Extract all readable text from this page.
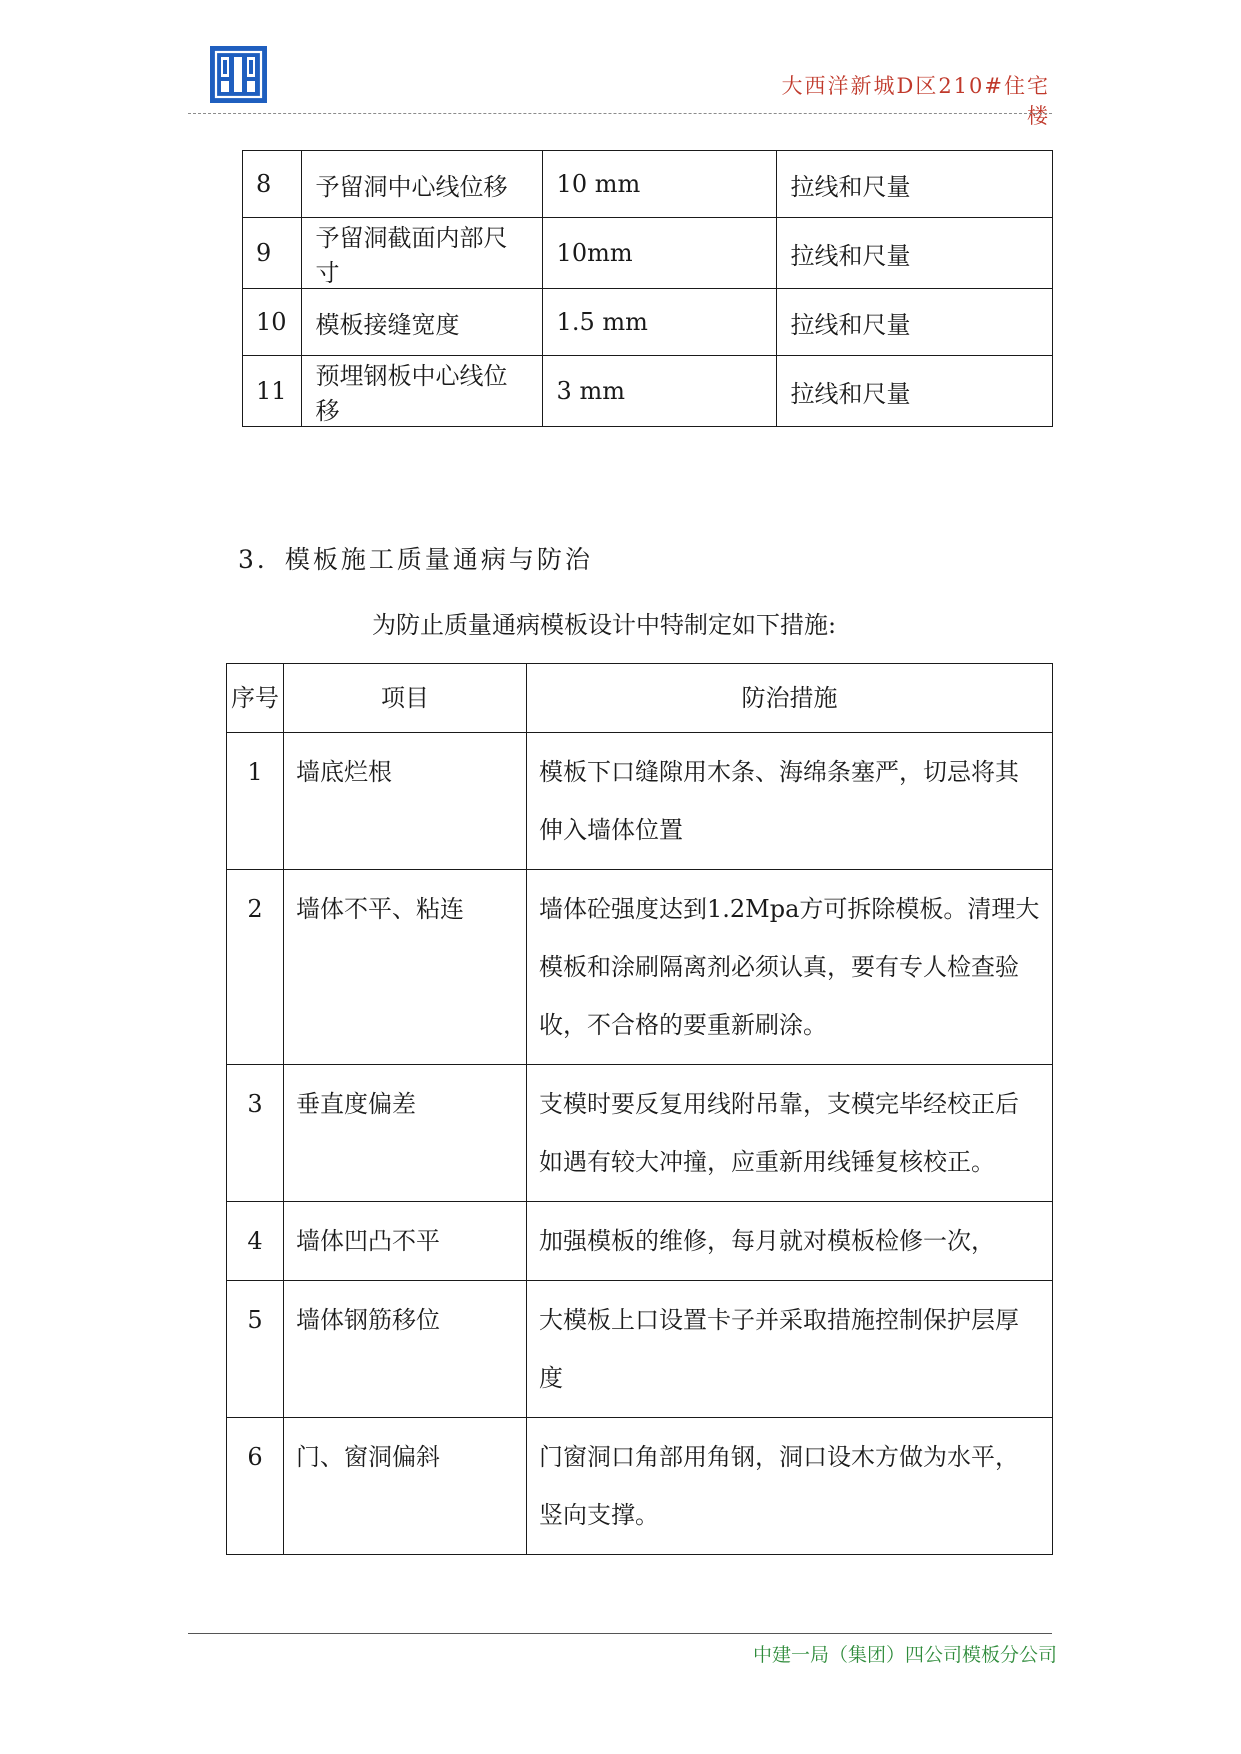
大西洋新城D区210#住宅楼
8	予留洞中心线位移	10 mm	拉线和尺量
9	予留洞截面内部尺寸	10mm	拉线和尺量
10	模板接缝宽度	1.5 mm	拉线和尺量
11	预埋钢板中心线位移	3 mm	拉线和尺量
3．模板施工质量通病与防治
为防止质量通病模板设计中特制定如下措施:
序号	项目	防治措施
1	墙底烂根	模板下口缝隙用木条、海绵条塞严，切忌将其伸入墙体位置
2	墙体不平、粘连	墙体砼强度达到1.2Mpa方可拆除模板。清理大模板和涂刷隔离剂必须认真，要有专人检查验收，不合格的要重新刷涂。
3	垂直度偏差	支模时要反复用线附吊靠，支模完毕经校正后如遇有较大冲撞，应重新用线锤复核校正。
4	墙体凹凸不平	加强模板的维修，每月就对模板检修一次，
5	墙体钢筋移位	大模板上口设置卡子并采取措施控制保护层厚度
6	门、窗洞偏斜	门窗洞口角部用角钢，洞口设木方做为水平，竖向支撑。
中建一局（集团）四公司模板分公司
